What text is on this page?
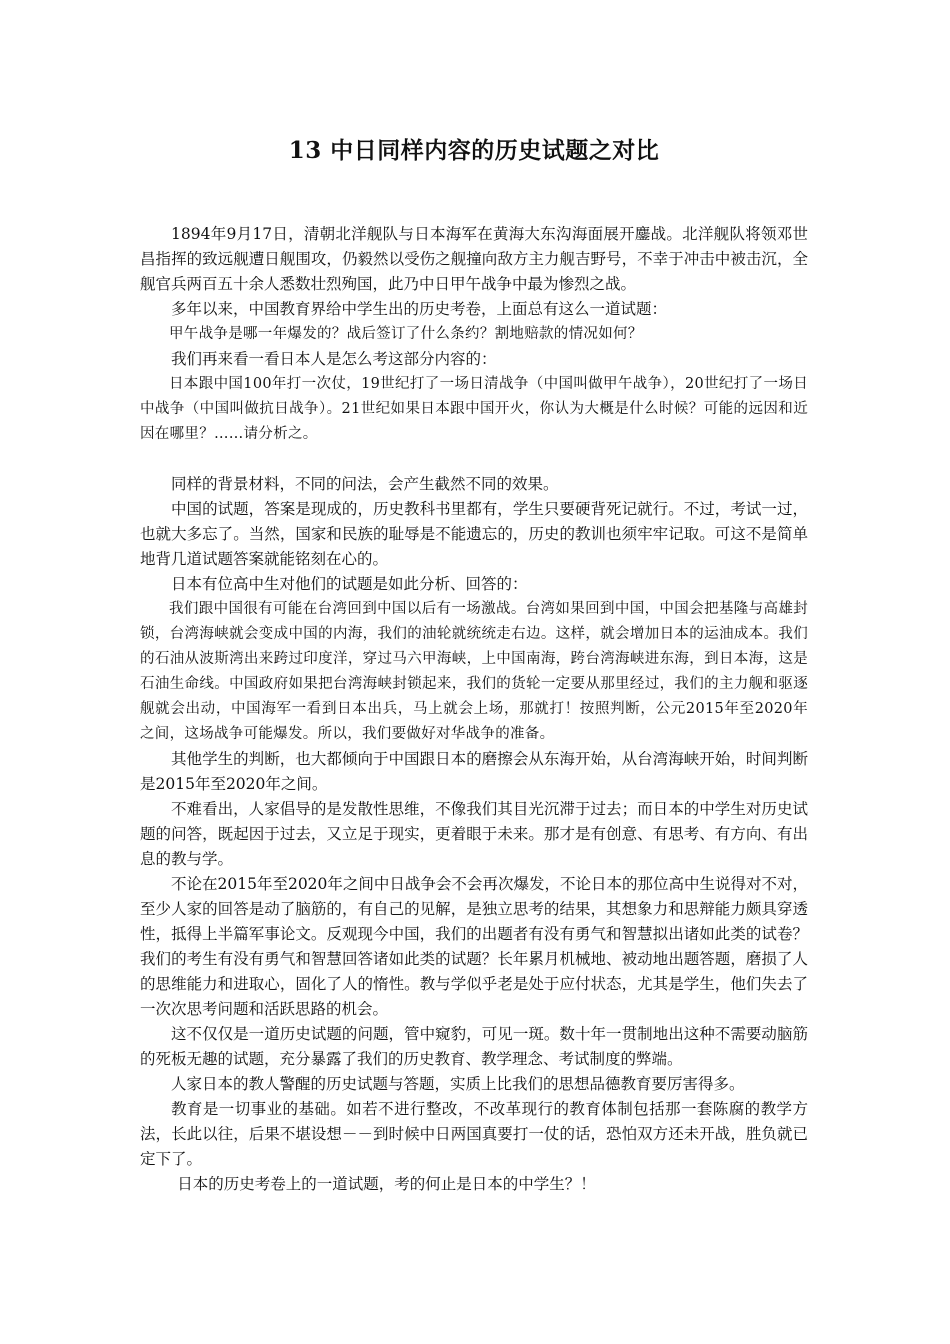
13 中日同样内容的历史试题之对比

1894年9月17日，清朝北洋舰队与日本海军在黄海大东沟海面展开鏖战。北洋舰队将领邓世昌指挥的致远舰遭日舰围攻，仍毅然以受伤之舰撞向敌方主力舰吉野号，不幸于冲击中被击沉，全舰官兵两百五十余人悉数壮烈殉国，此乃中日甲午战争中最为惨烈之战。

多年以来，中国教育界给中学生出的历史考卷，上面总有这么一道试题：

甲午战争是哪一年爆发的？战后签订了什么条约？割地赔款的情况如何？

我们再来看一看日本人是怎么考这部分内容的：

日本跟中国100年打一次仗，19世纪打了一场日清战争（中国叫做甲午战争），20世纪打了一场日中战争（中国叫做抗日战争）。21世纪如果日本跟中国开火，你认为大概是什么时候？可能的远因和近因在哪里？……请分析之。

同样的背景材料，不同的问法，会产生截然不同的效果。

中国的试题，答案是现成的，历史教科书里都有，学生只要硬背死记就行。不过，考试一过，也就大多忘了。当然，国家和民族的耻辱是不能遗忘的，历史的教训也须牢牢记取。可这不是简单地背几道试题答案就能铭刻在心的。

日本有位高中生对他们的试题是如此分析、回答的：

我们跟中国很有可能在台湾回到中国以后有一场激战。台湾如果回到中国，中国会把基隆与高雄封锁，台湾海峡就会变成中国的内海，我们的油轮就统统走右边。这样，就会增加日本的运油成本。我们的石油从波斯湾出来跨过印度洋，穿过马六甲海峡，上中国南海，跨台湾海峡进东海，到日本海，这是石油生命线。中国政府如果把台湾海峡封锁起来，我们的货轮一定要从那里经过，我们的主力舰和驱逐舰就会出动，中国海军一看到日本出兵，马上就会上场，那就打！按照判断，公元2015年至2020年之间，这场战争可能爆发。所以，我们要做好对华战争的准备。

其他学生的判断，也大都倾向于中国跟日本的磨擦会从东海开始，从台湾海峡开始，时间判断是2015年至2020年之间。

不难看出，人家倡导的是发散性思维，不像我们其目光沉滞于过去；而日本的中学生对历史试题的问答，既起因于过去，又立足于现实，更着眼于未来。那才是有创意、有思考、有方向、有出息的教与学。

不论在2015年至2020年之间中日战争会不会再次爆发，不论日本的那位高中生说得对不对，至少人家的回答是动了脑筋的，有自己的见解，是独立思考的结果，其想象力和思辩能力颇具穿透性，抵得上半篇军事论文。反观现今中国，我们的出题者有没有勇气和智慧拟出诸如此类的试卷？我们的考生有没有勇气和智慧回答诸如此类的试题？长年累月机械地、被动地出题答题，磨损了人的思维能力和进取心，固化了人的惰性。教与学似乎老是处于应付状态，尤其是学生，他们失去了一次次思考问题和活跃思路的机会。

这不仅仅是一道历史试题的问题，管中窥豹，可见一斑。数十年一贯制地出这种不需要动脑筋的死板无趣的试题，充分暴露了我们的历史教育、教学理念、考试制度的弊端。

人家日本的教人警醒的历史试题与答题，实质上比我们的思想品德教育要厉害得多。

教育是一切事业的基础。如若不进行整改，不改革现行的教育体制包括那一套陈腐的教学方法，长此以往，后果不堪设想－－到时候中日两国真要打一仗的话，恐怕双方还未开战，胜负就已定下了。

日本的历史考卷上的一道试题，考的何止是日本的中学生？！
